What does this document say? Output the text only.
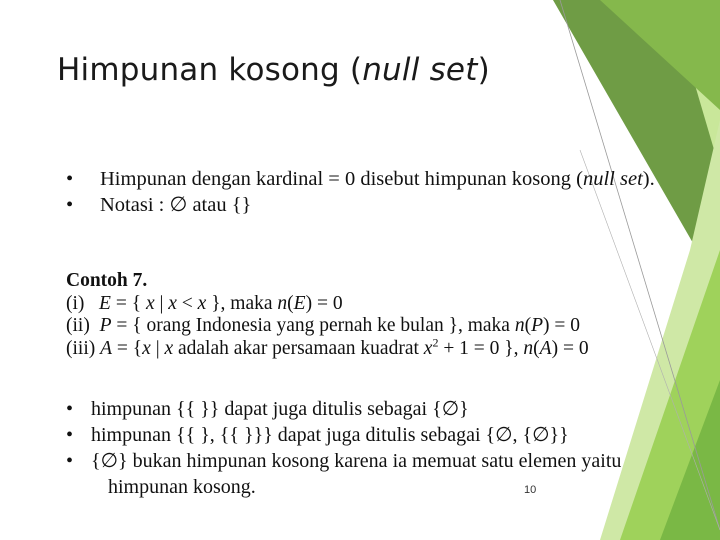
Himpunan kosong (null set)
• Himpunan dengan kardinal = 0 disebut himpunan kosong (null set).
• Notasi : ∅ atau {}
Contoh 7.
(i) E = { x | x < x }, maka n(E) = 0
(ii) P = { orang Indonesia yang pernah ke bulan }, maka n(P) = 0
(iii) A = {x | x adalah akar persamaan kuadrat $x^2 + 1 = 0$ }, n(A) = 0
• himpunan {{ }} dapat juga ditulis sebagai {∅}
• himpunan {{ }, {{ }}} dapat juga ditulis sebagai {∅, {∅}}
• {∅} bukan himpunan kosong karena ia memuat satu elemen yaitu
himpunan kosong.	10
